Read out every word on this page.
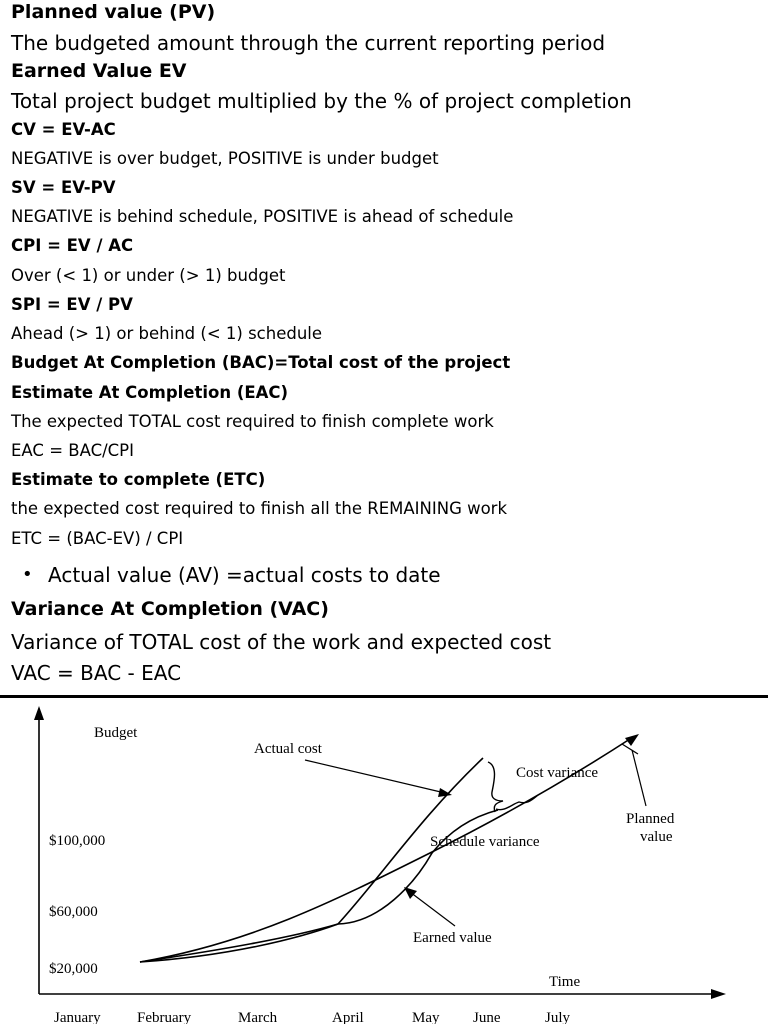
Planned value (PV)
The budgeted amount through the current reporting period
Earned Value EV
Total project budget multiplied by the % of project completion
CV = EV-AC
NEGATIVE is over budget, POSITIVE is under budget
SV = EV-PV
NEGATIVE is behind schedule, POSITIVE is ahead of schedule
CPI = EV / AC
Over (< 1) or under (> 1) budget
SPI = EV / PV
Ahead (> 1) or behind (< 1) schedule
Budget At Completion (BAC)=Total cost of the project
Estimate At Completion (EAC)
The expected TOTAL cost required to finish complete work
EAC = BAC/CPI
Estimate to complete (ETC)
the expected cost required to finish all the REMAINING work
ETC = (BAC-EV) / CPI
• Actual value (AV) =actual costs to date
Variance At Completion (VAC)
Variance of TOTAL cost of the work and expected cost
VAC = BAC - EAC
Budget
Time
$100,000
$60,000
$20,000
January February	March	April	May June	July
Actual cost
Cost variance
Planned
value
Schedule variance
Earned value
